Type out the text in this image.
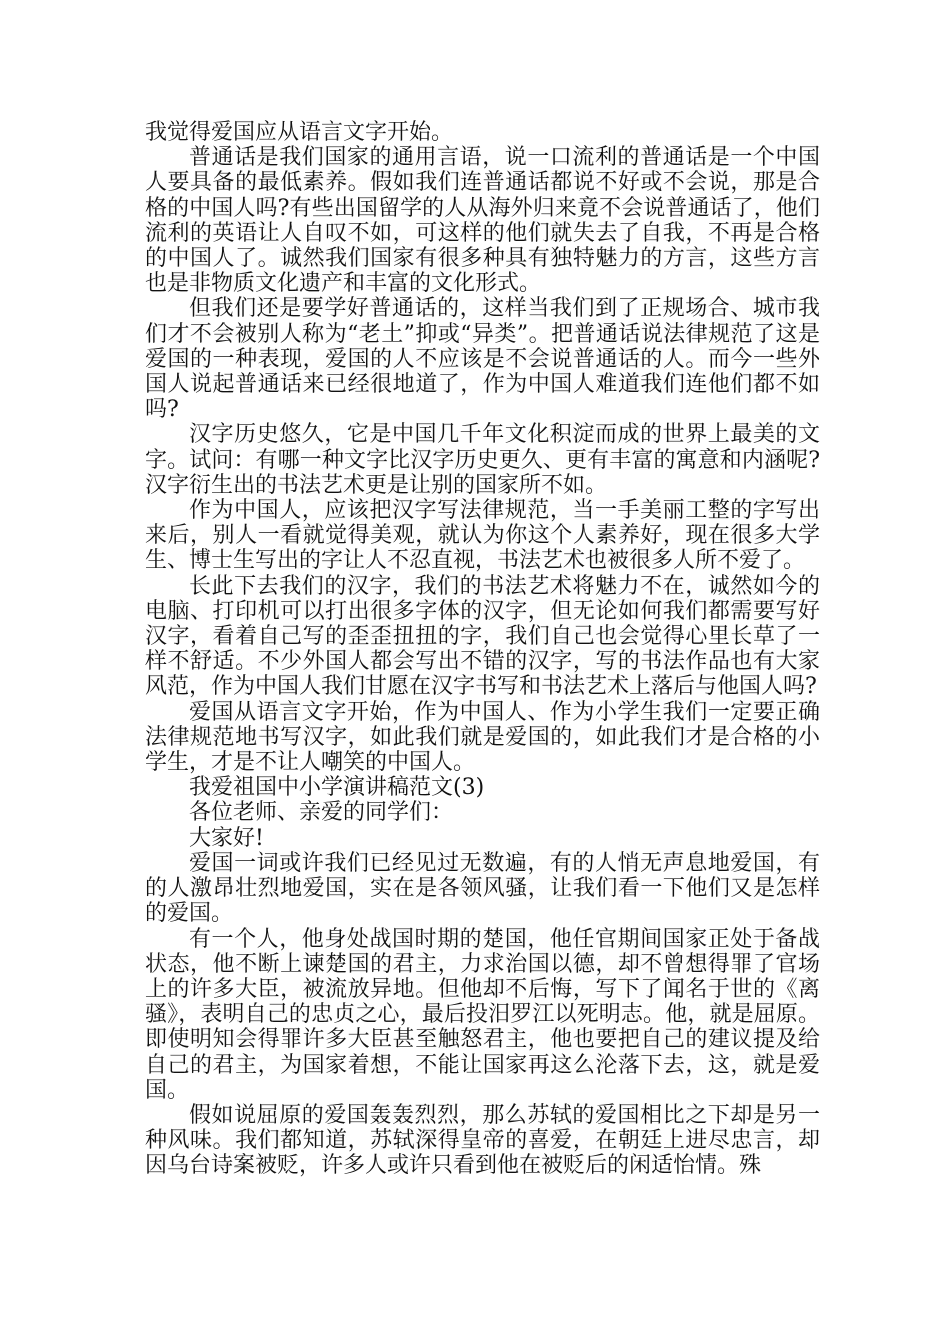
我觉得爱国应从语言文字开始。

普通话是我们国家的通用言语，说一口流利的普通话是一个中国人要具备的最低素养。假如我们连普通话都说不好或不会说，那是合格的中国人吗?有些出国留学的人从海外归来竟不会说普通话了，他们流利的英语让人自叹不如，可这样的他们就失去了自我，不再是合格的中国人了。诚然我们国家有很多种具有独特魅力的方言，这些方言也是非物质文化遗产和丰富的文化形式。

但我们还是要学好普通话的，这样当我们到了正规场合、城市我们才不会被别人称为“老土”抑或“异类”。把普通话说法律规范了这是爱国的一种表现，爱国的人不应该是不会说普通话的人。而今一些外国人说起普通话来已经很地道了，作为中国人难道我们连他们都不如吗?

汉字历史悠久，它是中国几千年文化积淀而成的世界上最美的文字。试问：有哪一种文字比汉字历史更久、更有丰富的寓意和内涵呢?汉字衍生出的书法艺术更是让别的国家所不如。

作为中国人，应该把汉字写法律规范，当一手美丽工整的字写出来后，别人一看就觉得美观，就认为你这个人素养好，现在很多大学生、博士生写出的字让人不忍直视，书法艺术也被很多人所不爱了。

长此下去我们的汉字，我们的书法艺术将魅力不在，诚然如今的电脑、打印机可以打出很多字体的汉字，但无论如何我们都需要写好汉字，看着自己写的歪歪扭扭的字，我们自己也会觉得心里长草了一样不舒适。不少外国人都会写出不错的汉字，写的书法作品也有大家风范，作为中国人我们甘愿在汉字书写和书法艺术上落后与他国人吗?

爱国从语言文字开始，作为中国人、作为小学生我们一定要正确法律规范地书写汉字，如此我们就是爱国的，如此我们才是合格的小学生，才是不让人嘲笑的中国人。

我爱祖国中小学演讲稿范文(3)

各位老师、亲爱的同学们：

大家好!

爱国一词或许我们已经见过无数遍，有的人悄无声息地爱国，有的人激昂壮烈地爱国，实在是各领风骚，让我们看一下他们又是怎样的爱国。

有一个人，他身处战国时期的楚国，他任官期间国家正处于备战状态，他不断上谏楚国的君主，力求治国以德，却不曾想得罪了官场上的许多大臣，被流放异地。但他却不后悔，写下了闻名于世的《离骚》，表明自己的忠贞之心，最后投汨罗江以死明志。他，就是屈原。即使明知会得罪许多大臣甚至触怒君主，他也要把自己的建议提及给自己的君主，为国家着想，不能让国家再这么沦落下去，这，就是爱国。

假如说屈原的爱国轰轰烈烈，那么苏轼的爱国相比之下却是另一种风味。我们都知道，苏轼深得皇帝的喜爱，在朝廷上进尽忠言，却因乌台诗案被贬，许多人或许只看到他在被贬后的闲适怡情。殊
